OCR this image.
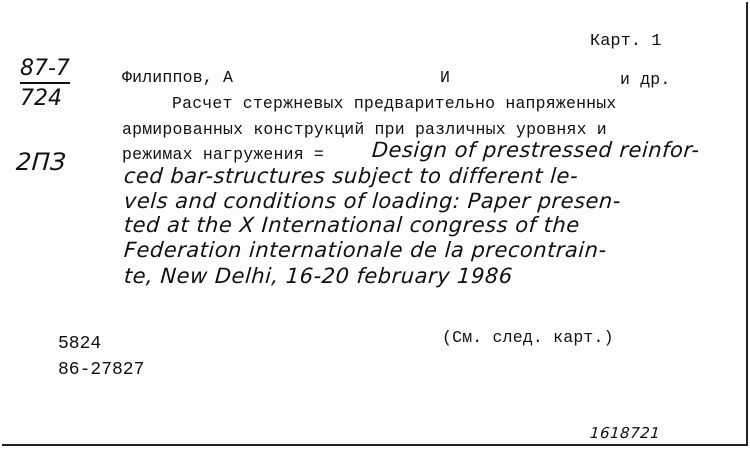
Карт. 1
87-7
724
2ПЗ
Филиппов, А	И	и др.
Расчет стержневых предварительно напряженных
армированных конструкций при различных уровнях и
режимах нагружения = Design of prestressed reinfor-
ced bar-structures subject to different le-
vels and conditions of loading: Paper presen-
ted at the X International congress of the
Federation internationale de la precontrain-
te, New Delhi, 16-20 february 1986
5824
86-27827
(См. след. карт.)
1618721
